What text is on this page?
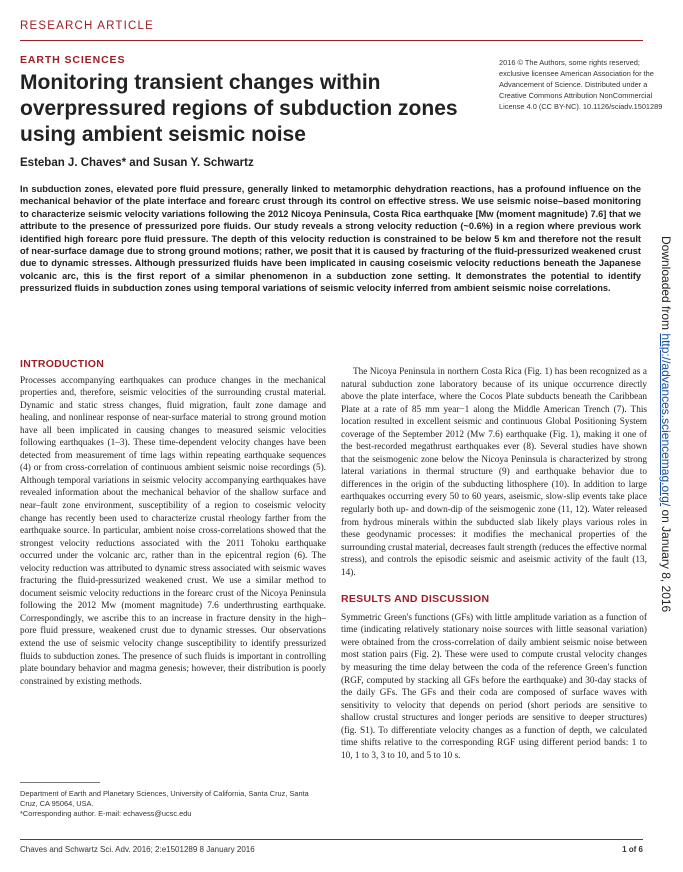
RESEARCH ARTICLE
EARTH SCIENCES
Monitoring transient changes within overpressured regions of subduction zones using ambient seismic noise
2016 © The Authors, some rights reserved; exclusive licensee American Association for the Advancement of Science. Distributed under a Creative Commons Attribution NonCommercial License 4.0 (CC BY-NC). 10.1126/sciadv.1501289
Esteban J. Chaves* and Susan Y. Schwartz

In subduction zones, elevated pore fluid pressure, generally linked to metamorphic dehydration reactions, has a profound influence on the mechanical behavior of the plate interface and forearc crust through its control on effective stress. We use seismic noise–based monitoring to characterize seismic velocity variations following the 2012 Nicoya Peninsula, Costa Rica earthquake [Mw (moment magnitude) 7.6] that we attribute to the presence of pressurized pore fluids. Our study reveals a strong velocity reduction (~0.6%) in a region where previous work identified high forearc pore fluid pressure. The depth of this velocity reduction is constrained to be below 5 km and therefore not the result of near-surface damage due to strong ground motions; rather, we posit that it is caused by fracturing of the fluid-pressurized weakened crust due to dynamic stresses. Although pressurized fluids have been implicated in causing coseismic velocity reductions beneath the Japanese volcanic arc, this is the first report of a similar phenomenon in a subduction zone setting. It demonstrates the potential to identify pressurized fluids in subduction zones using temporal variations of seismic velocity inferred from ambient seismic noise correlations.

INTRODUCTION

Processes accompanying earthquakes can produce changes in the mechanical properties and, therefore, seismic velocities of the surrounding crustal material. Dynamic and static stress changes, fluid migration, fault zone damage and healing, and nonlinear response of near-surface material to strong ground motion have all been implicated in causing changes to measured seismic velocities following earthquakes (1–3). These time-dependent velocity changes have been detected from measurement of time lags within repeating earthquake sequences (4) or from cross-correlation of continuous ambient seismic noise recordings (5). Although temporal variations in seismic velocity accompanying earthquakes have revealed information about the mechanical behavior of the shallow surface and near–fault zone environment, susceptibility of a region to coseismic velocity change has recently been used to characterize crustal rheology farther from the earthquake source. In particular, ambient noise cross-correlations showed that the strongest velocity reductions associated with the 2011 Tohoku earthquake occurred under the volcanic arc, rather than in the epicentral region (6). The velocity reduction was attributed to dynamic stress associated with seismic waves fracturing the fluid-pressurized weakened crust. We use a similar method to document seismic velocity reductions in the forearc crust of the Nicoya Peninsula following the 2012 Mw (moment magnitude) 7.6 underthrusting earthquake. Correspondingly, we ascribe this to an increase in fracture density in the high–pore fluid pressure, weakened crust due to dynamic stresses. Our observations extend the use of seismic velocity change susceptibility to identify pressurized fluids to subduction zones. The presence of such fluids is important in controlling plate boundary behavior and magma genesis; however, their distribution is poorly constrained by existing methods.

The Nicoya Peninsula in northern Costa Rica (Fig. 1) has been recognized as a natural subduction zone laboratory because of its unique occurrence directly above the plate interface, where the Cocos Plate subducts beneath the Caribbean Plate at a rate of 85 mm year−1 along the Middle American Trench (7). This location resulted in excellent seismic and continuous Global Positioning System coverage of the September 2012 (Mw 7.6) earthquake (Fig. 1), making it one of the best-recorded megathrust earthquakes ever (8). Several studies have shown that the seismogenic zone below the Nicoya Peninsula is characterized by strong lateral variations in thermal structure (9) and earthquake behavior due to differences in the origin of the subducting lithosphere (10). In addition to large earthquakes occurring every 50 to 60 years, aseismic, slow-slip events take place regularly both up- and down-dip of the seismogenic zone (11, 12). Water released from hydrous minerals within the subducted slab likely plays various roles in these geodynamic processes: it modifies the mechanical properties of the surrounding crustal material, decreases fault strength (reduces the effective normal stress), and controls the episodic seismic and aseismic activity of the fault (13, 14).

RESULTS AND DISCUSSION

Symmetric Green's functions (GFs) with little amplitude variation as a function of time (indicating relatively stationary noise sources with little seasonal variation) were obtained from the cross-correlation of daily ambient seismic noise between most station pairs (Fig. 2). These were used to compute crustal velocity changes by measuring the time delay between the coda of the reference Green's function (RGF, computed by stacking all GFs before the earthquake) and 30-day stacks of the daily GFs. The GFs and their coda are composed of surface waves with sensitivity to velocity that depends on period (short periods are sensitive to shallow crustal structures and longer periods are sensitive to deeper structures) (fig. S1). To differentiate velocity changes as a function of depth, we calculated time shifts relative to the corresponding RGF using different period bands: 1 to 10, 1 to 3, 3 to 10, and 5 to 10 s.

Department of Earth and Planetary Sciences, University of California, Santa Cruz, Santa Cruz, CA 95064, USA.
*Corresponding author. E-mail: echavess@ucsc.edu
Chaves and Schwartz Sci. Adv. 2016; 2:e1501289 8 January 2016	1 of 6
Downloaded from http://advances.sciencemag.org/ on January 8, 2016
